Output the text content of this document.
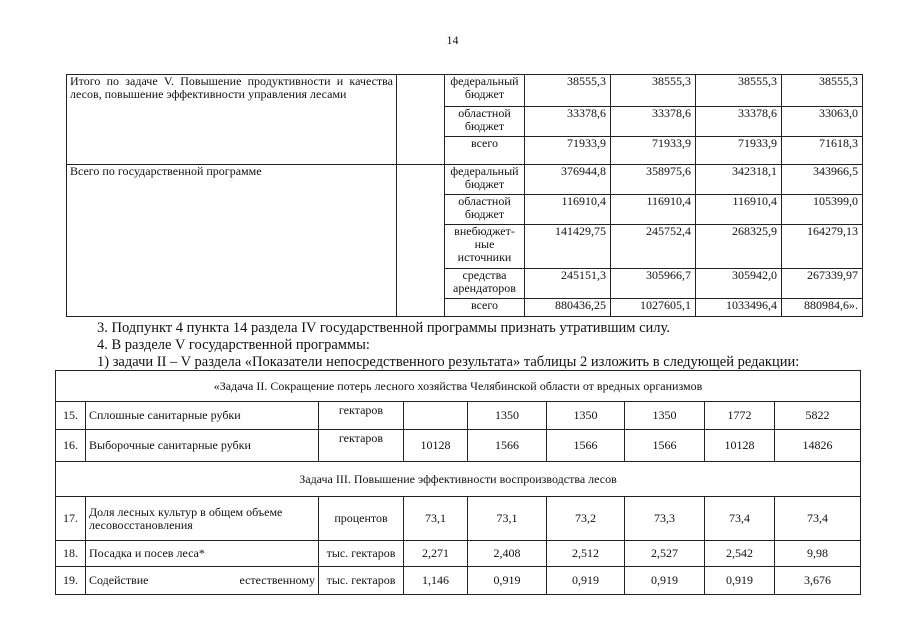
14
Итого по задаче V. Повышение продуктивности и качества лесов, повышение эффективности управления лесами		федеральный бюджет	38555,3	38555,3	38555,3	38555,3
		областной бюджет	33378,6	33378,6	33378,6	33063,0
		всего	71933,9	71933,9	71933,9	71618,3
Всего по государственной программе		федеральный бюджет	376944,8	358975,6	342318,1	343966,5
		областной бюджет	116910,4	116910,4	116910,4	105399,0
		внебюджет-ные источники	141429,75	245752,4	268325,9	164279,13
		средства арендаторов	245151,3	305966,7	305942,0	267339,97
		всего	880436,25	1027605,1	1033496,4	880984,6».
3. Подпункт 4 пункта 14 раздела IV государственной программы признать утратившим силу.
4. В разделе V государственной программы:
1) задачи II – V раздела «Показатели непосредственного результата» таблицы 2 изложить в следующей редакции:
«Задача II. Сокращение потерь лесного хозяйства Челябинской области от вредных организмов								
15.	Сплошные санитарные рубки	гектаров		1350	1350	1350	1772	5822
16.	Выборочные санитарные рубки	гектаров	10128	1566	1566	1566	10128	14826
Задача III. Повышение эффективности воспроизводства лесов								
17.	Доля лесных культур в общем объеме лесовосстановления	процентов	73,1	73,1	73,2	73,3	73,4	73,4
18.	Посадка и посев леса*	тыс. гектаров	2,271	2,408	2,512	2,527	2,542	9,98
19.	Содействие естественному	тыс. гектаров	1,146	0,919	0,919	0,919	0,919	3,676
